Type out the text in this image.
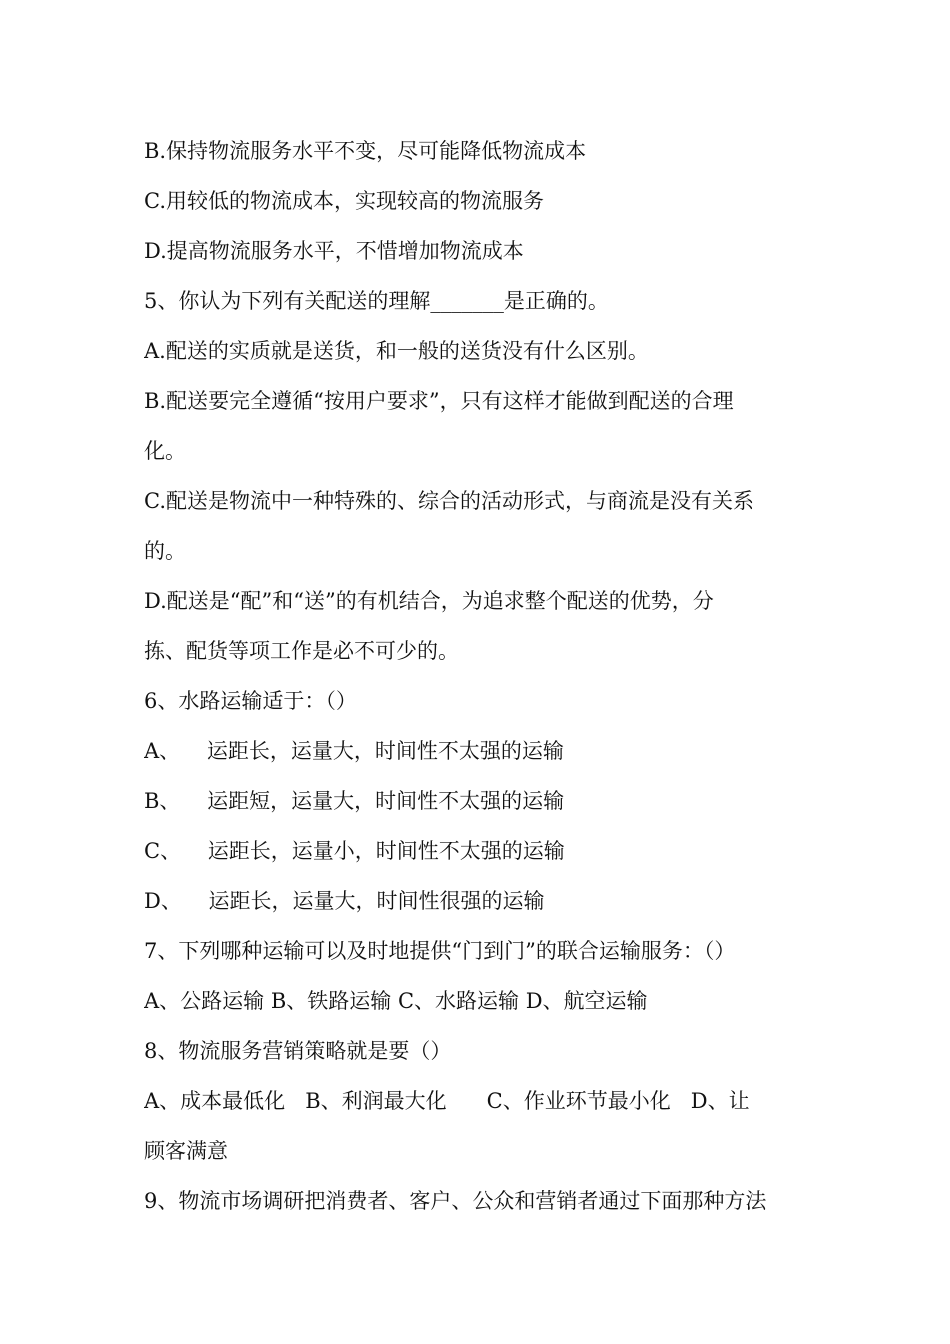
B.保持物流服务水平不变，尽可能降低物流成本
C.用较低的物流成本，实现较高的物流服务
D.提高物流服务水平，不惜增加物流成本
5、你认为下列有关配送的理解_______是正确的。
A.配送的实质就是送货，和一般的送货没有什么区别。
B.配送要完全遵循“按用户要求”，只有这样才能做到配送的合理
化。
C.配送是物流中一种特殊的、综合的活动形式，与商流是没有关系
的。
D.配送是“配”和“送”的有机结合，为追求整个配送的优势，分
拣、配货等项工作是必不可少的。
6、水路运输适于：（）
A、    运距长，运量大，时间性不太强的运输
B、    运距短，运量大，时间性不太强的运输
C、    运距长，运量小，时间性不太强的运输
D、    运距长，运量大，时间性很强的运输
7、下列哪种运输可以及时地提供“门到门”的联合运输服务：（）
A、公路运输 B、铁路运输 C、水路运输 D、航空运输
8、物流服务营销策略就是要（）
A、成本最低化   B、利润最大化      C、作业环节最小化   D、让
顾客满意
9、物流市场调研把消费者、客户、公众和营销者通过下面那种方法
